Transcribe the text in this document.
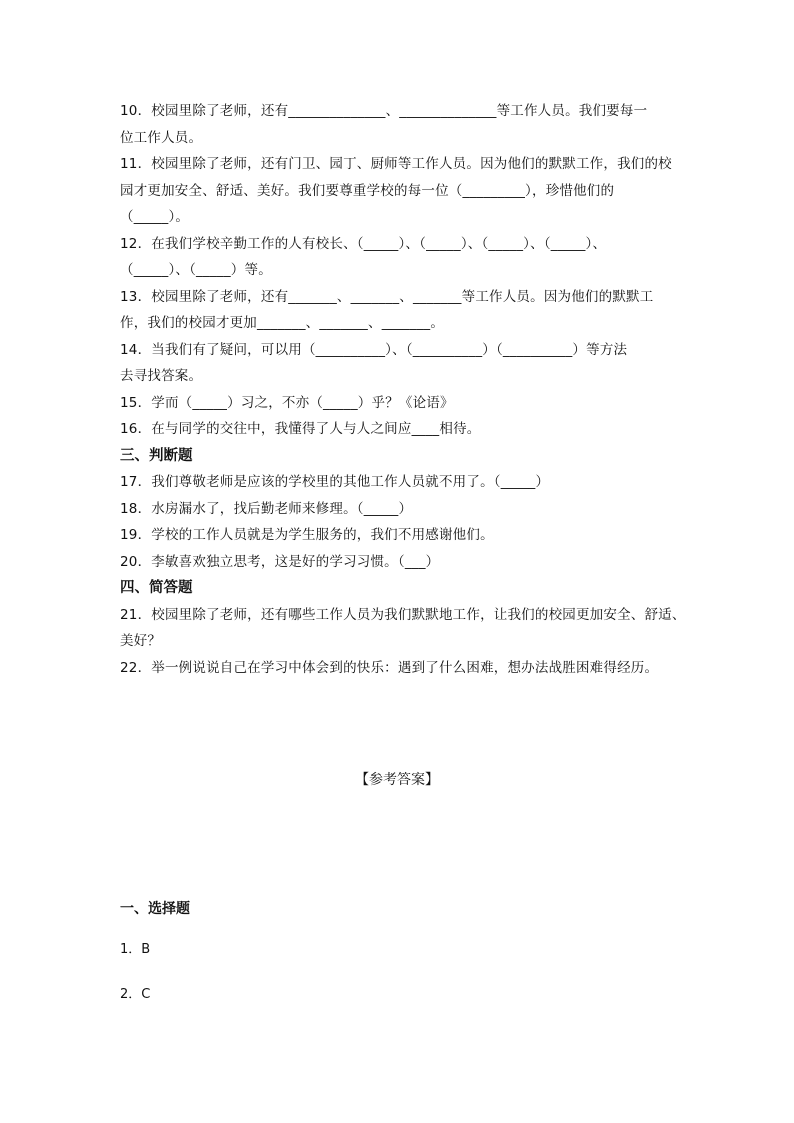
10．校园里除了老师，还有______________、______________等工作人员。我们要每一
位工作人员。
11．校园里除了老师，还有门卫、园丁、厨师等工作人员。因为他们的默默工作，我们的校
园才更加安全、舒适、美好。我们要尊重学校的每一位（_________），珍惜他们的
（_____）。
12．在我们学校辛勤工作的人有校长、（_____）、（_____）、（_____）、（_____）、
（_____）、（_____）等。
13．校园里除了老师，还有_______、_______、_______等工作人员。因为他们的默默工
作，我们的校园才更加_______、_______、_______。
14．当我们有了疑问，可以用（__________）、（__________）（__________）等方法
去寻找答案。
15．学而（_____）习之，不亦（_____）乎？《论语》
16．在与同学的交往中，我懂得了人与人之间应____相待。
三、判断题
17．我们尊敬老师是应该的学校里的其他工作人员就不用了。（_____）
18．水房漏水了，找后勤老师来修理。（_____）
19．学校的工作人员就是为学生服务的，我们不用感谢他们。
20．李敏喜欢独立思考，这是好的学习习惯。（___）
四、简答题
21．校园里除了老师，还有哪些工作人员为我们默默地工作，让我们的校园更加安全、舒适、
美好？
22．举一例说说自己在学习中体会到的快乐：遇到了什么困难，想办法战胜困难得经历。
【参考答案】
一、选择题
1．B
2．C
